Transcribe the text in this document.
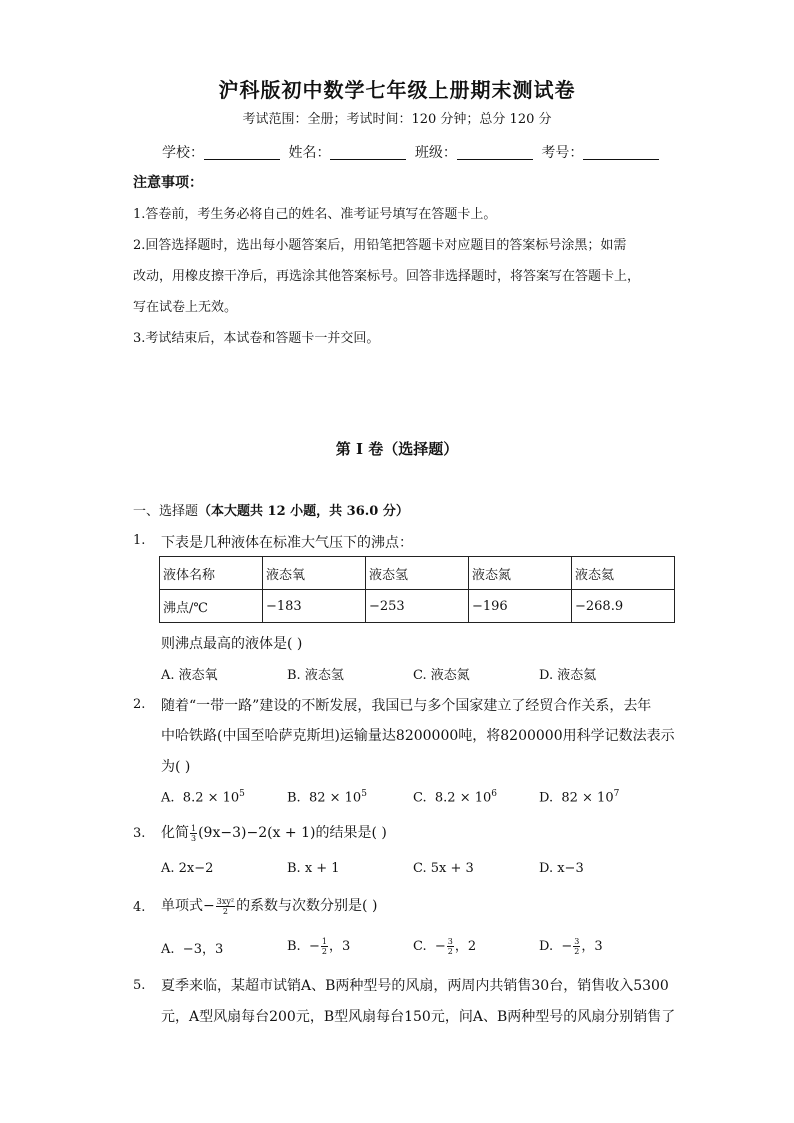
沪科版初中数学七年级上册期末测试卷
考试范围：全册；考试时间：120 分钟；总分 120 分
学校：	姓名：	班级：	考号：
注意事项：
1.答卷前，考生务必将自己的姓名、准考证号填写在答题卡上。
2.回答选择题时，选出每小题答案后，用铅笔把答题卡对应题目的答案标号涂黑；如需
改动，用橡皮擦干净后，再选涂其他答案标号。回答非选择题时，将答案写在答题卡上，
写在试卷上无效。
3.考试结束后，本试卷和答题卡一并交回。
第 I 卷（选择题）
一、选择题（本大题共 12 小题，共 36.0 分）
1. 下表是几种液体在标准大气压下的沸点：
液体名称	液态氧	液态氢	液态氮	液态氦
沸点/℃	−183	−253	−196	−268.9
则沸点最高的液体是( )
A. 液态氧	B. 液态氢	C. 液态氮	D. 液态氦
2. 随着“一带一路”建设的不断发展，我国已与多个国家建立了经贸合作关系，去年
中哈铁路(中国至哈萨克斯坦)运输量达8200000吨，将8200000用科学记数法表示
为( )
A. $8.2 \times 10^5$	B. $82 \times 10^5$	C. $8.2 \times 10^6$	D. $82 \times 10^7$
3. 化简 $\frac{1}{3} (9x-3)-2(x + 1)$的结果是( )
A. 2x−2	B. x + 1	C. 5x + 3	D. x−3
4. 单项式− $\frac{\text{3xy²}}{2}$ 的系数与次数分别是( )
A. −3，3	B. − $\frac{1}{2}$ ，3	C. − $\frac{3}{2}$ ，2	D. − $\frac{3}{2}$ ，3
5. 夏季来临，某超市试销A、B两种型号的风扇，两周内共销售30台，销售收入5300
元，A型风扇每台200元，B型风扇每台150元，问A、B两种型号的风扇分别销售了
